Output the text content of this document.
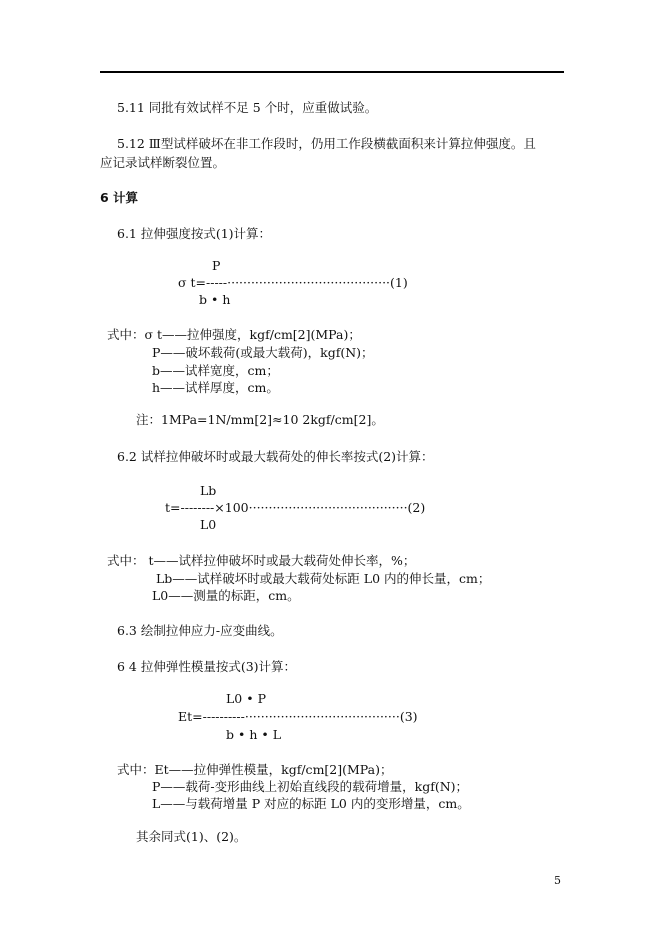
5.11 同批有效试样不足 5 个时，应重做试验。
5.12 Ⅲ型试样破坏在非工作段时，仍用工作段横截面积来计算拉伸强度。且
应记录试样断裂位置。
6 计算
6.1 拉伸强度按式(1)计算：
P
σ t=-----·········································(1)
b • h
式中：σ t——拉伸强度，kgf/cm[2](MPa)；
P——破坏载荷(或最大载荷)，kgf(N)；
b——试样宽度，cm；
h——试样厚度，cm。
注：1MPa=1N/mm[2]≈10 2kgf/cm[2]。
6.2 试样拉伸破坏时或最大载荷处的伸长率按式(2)计算：
Lb
t=--------×100········································(2)
L0
式中： t——试样拉伸破坏时或最大载荷处伸长率，%；
Lb——试样破坏时或最大载荷处标距 L0 内的伸长量，cm；
L0——测量的标距，cm。
6.3 绘制拉伸应力-应变曲线。
6 4 拉伸弹性模量按式(3)计算：
L0 • P
Et=----------·······································(3)
b • h • L
式中：Et——拉伸弹性模量，kgf/cm[2](MPa)；
P——载荷-变形曲线上初始直线段的载荷增量，kgf(N)；
L——与载荷增量 P 对应的标距 L0 内的变形增量，cm。
其余同式(1)、(2)。
5
